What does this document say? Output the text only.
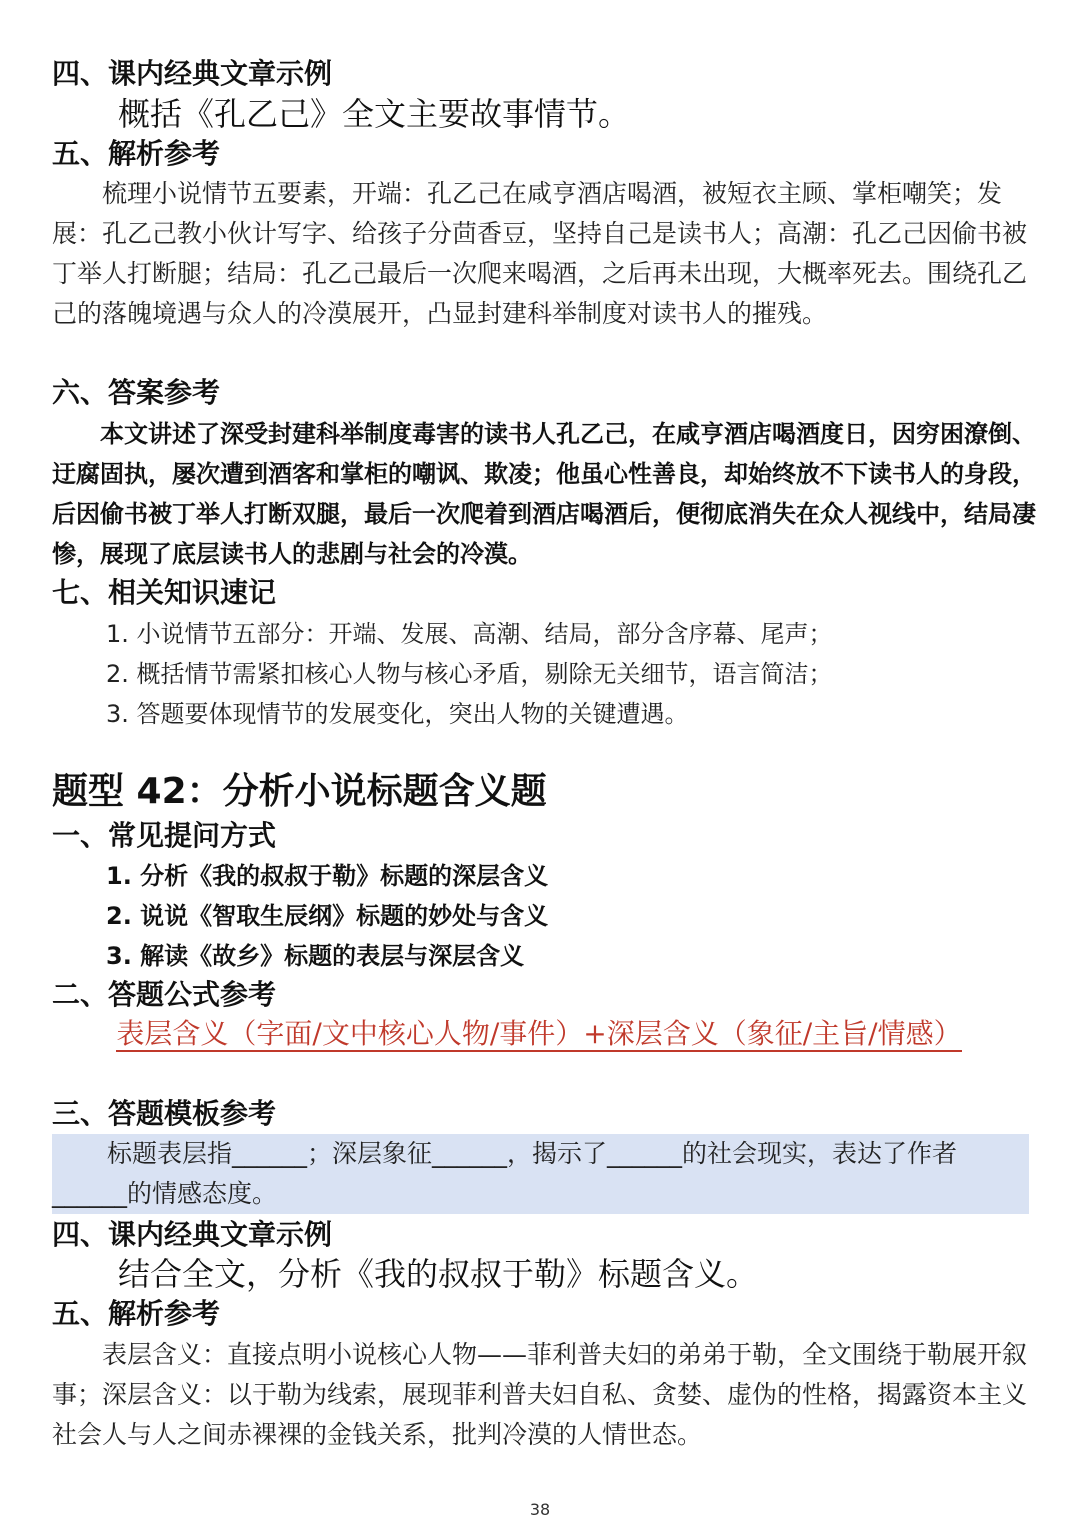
四、课内经典文章示例
概括《孔乙己》全文主要故事情节。
五、解析参考

梳理小说情节五要素，开端：孔乙己在咸亨酒店喝酒，被短衣主顾、掌柜嘲笑；发展：孔乙己教小伙计写字、给孩子分茴香豆，坚持自己是读书人；高潮：孔乙己因偷书被丁举人打断腿；结局：孔乙己最后一次爬来喝酒，之后再未出现，大概率死去。围绕孔乙己的落魄境遇与众人的冷漠展开，凸显封建科举制度对读书人的摧残。

六、答案参考

本文讲述了深受封建科举制度毒害的读书人孔乙己，在咸亨酒店喝酒度日，因穷困潦倒、迂腐固执，屡次遭到酒客和掌柜的嘲讽、欺凌；他虽心性善良，却始终放不下读书人的身段，后因偷书被丁举人打断双腿，最后一次爬着到酒店喝酒后，便彻底消失在众人视线中，结局凄惨，展现了底层读书人的悲剧与社会的冷漠。

七、相关知识速记
1. 小说情节五部分：开端、发展、高潮、结局，部分含序幕、尾声；
2. 概括情节需紧扣核心人物与核心矛盾，剔除无关细节，语言简洁；
3. 答题要体现情节的发展变化，突出人物的关键遭遇。
题型 42：分析小说标题含义题
一、常见提问方式
1. 分析《我的叔叔于勒》标题的深层含义
2. 说说《智取生辰纲》标题的妙处与含义
3. 解读《故乡》标题的表层与深层含义
二、答题公式参考

表层含义（字面/文中核心人物/事件）+深层含义（象征/主旨/情感）

三、答题模板参考

标题表层指______；深层象征______，揭示了______的社会现实，表达了作者______的情感态度。

四、课内经典文章示例
结合全文，分析《我的叔叔于勒》标题含义。
五、解析参考

表层含义：直接点明小说核心人物——菲利普夫妇的弟弟于勒，全文围绕于勒展开叙事；深层含义：以于勒为线索，展现菲利普夫妇自私、贪婪、虚伪的性格，揭露资本主义社会人与人之间赤裸裸的金钱关系，批判冷漠的人情世态。

38
